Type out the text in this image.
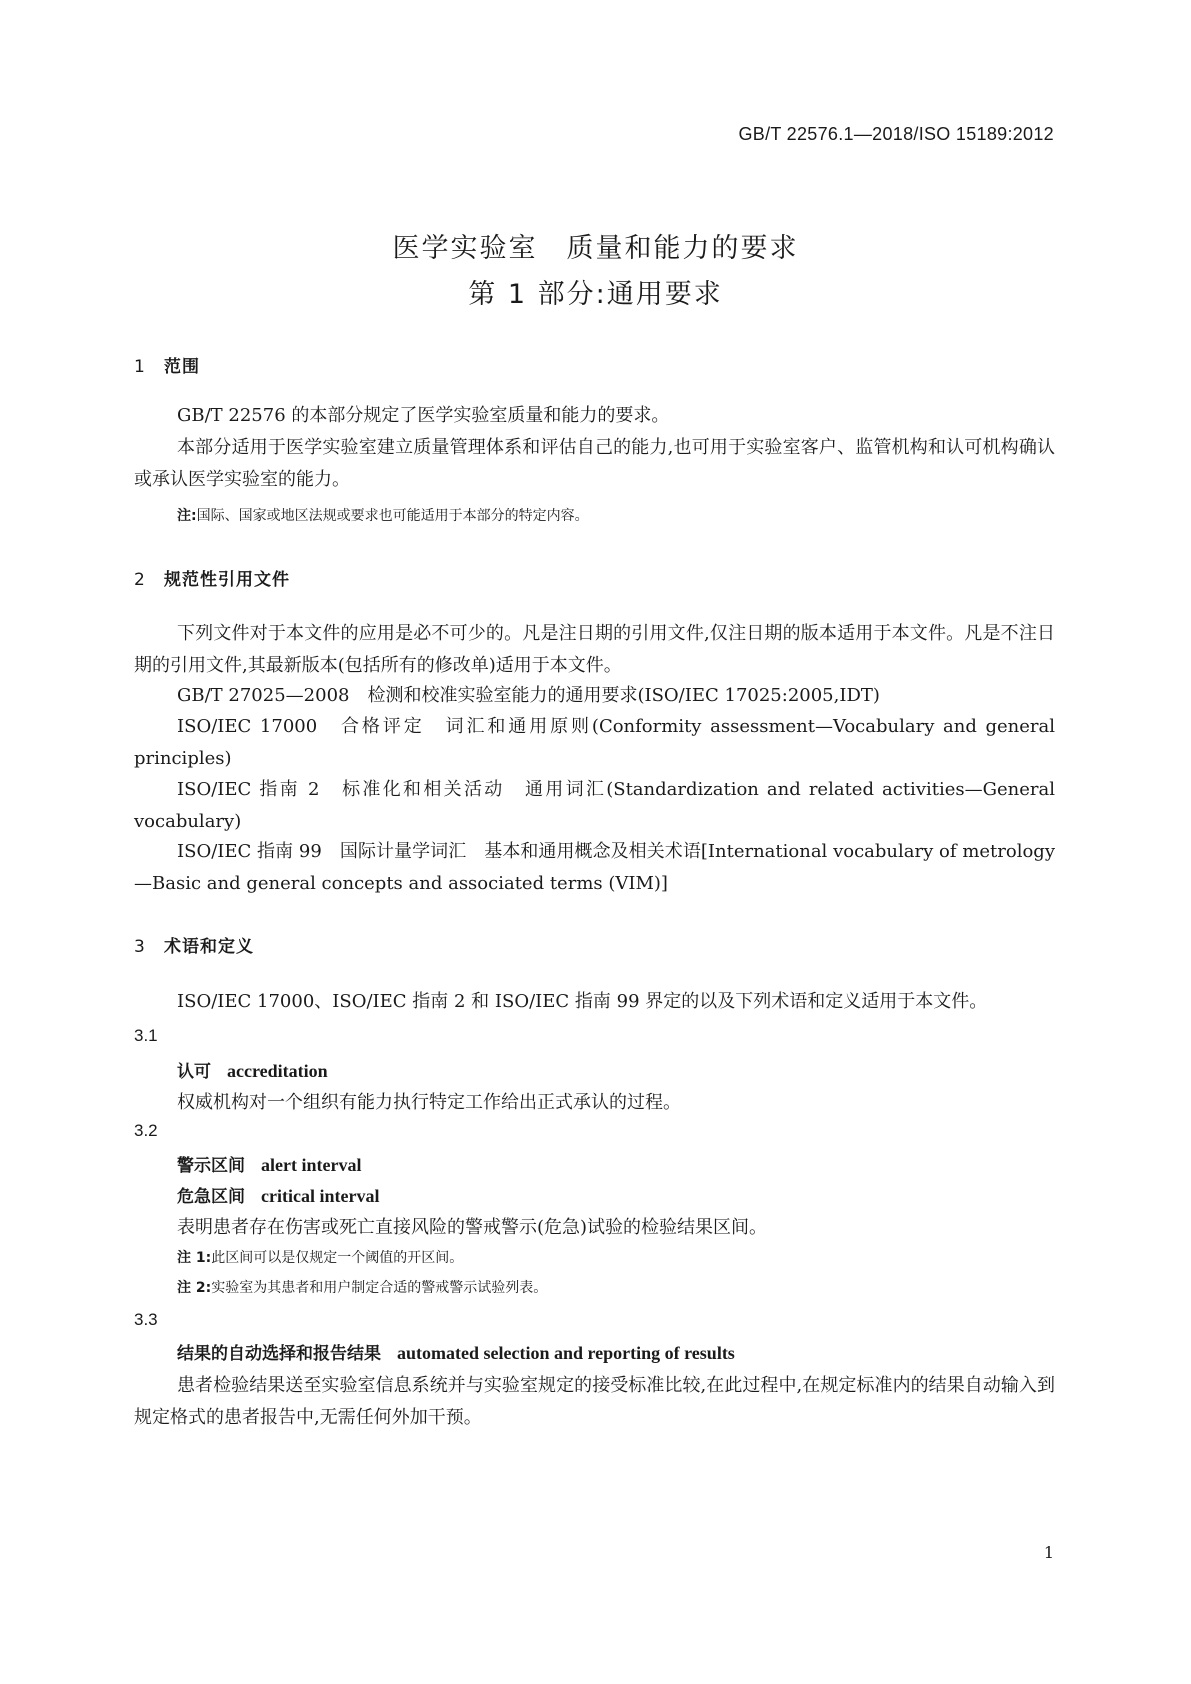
GB/T 22576.1—2018/ISO 15189:2012
医学实验室　质量和能力的要求
第 1 部分:通用要求
1 范围
GB/T 22576 的本部分规定了医学实验室质量和能力的要求。
本部分适用于医学实验室建立质量管理体系和评估自己的能力,也可用于实验室客户、监管机构和认可机构确认或承认医学实验室的能力。
注:国际、国家或地区法规或要求也可能适用于本部分的特定内容。
2 规范性引用文件
下列文件对于本文件的应用是必不可少的。凡是注日期的引用文件,仅注日期的版本适用于本文件。凡是不注日期的引用文件,其最新版本(包括所有的修改单)适用于本文件。
GB/T 27025—2008　检测和校准实验室能力的通用要求(ISO/IEC 17025:2005,IDT)
ISO/IEC 17000　合格评定　词汇和通用原则(Conformity assessment—Vocabulary and general principles)
ISO/IEC 指南 2　标准化和相关活动　通用词汇(Standardization and related activities—General vocabulary)
ISO/IEC 指南 99　国际计量学词汇　基本和通用概念及相关术语[International vocabulary of metrology—Basic and general concepts and associated terms (VIM)]
3 术语和定义
ISO/IEC 17000、ISO/IEC 指南 2 和 ISO/IEC 指南 99 界定的以及下列术语和定义适用于本文件。
3.1
认可 accreditation
权威机构对一个组织有能力执行特定工作给出正式承认的过程。
3.2
警示区间 alert interval
危急区间 critical interval
表明患者存在伤害或死亡直接风险的警戒警示(危急)试验的检验结果区间。
注 1:此区间可以是仅规定一个阈值的开区间。
注 2:实验室为其患者和用户制定合适的警戒警示试验列表。
3.3
结果的自动选择和报告结果 automated selection and reporting of results
患者检验结果送至实验室信息系统并与实验室规定的接受标准比较,在此过程中,在规定标准内的结果自动输入到规定格式的患者报告中,无需任何外加干预。
1
